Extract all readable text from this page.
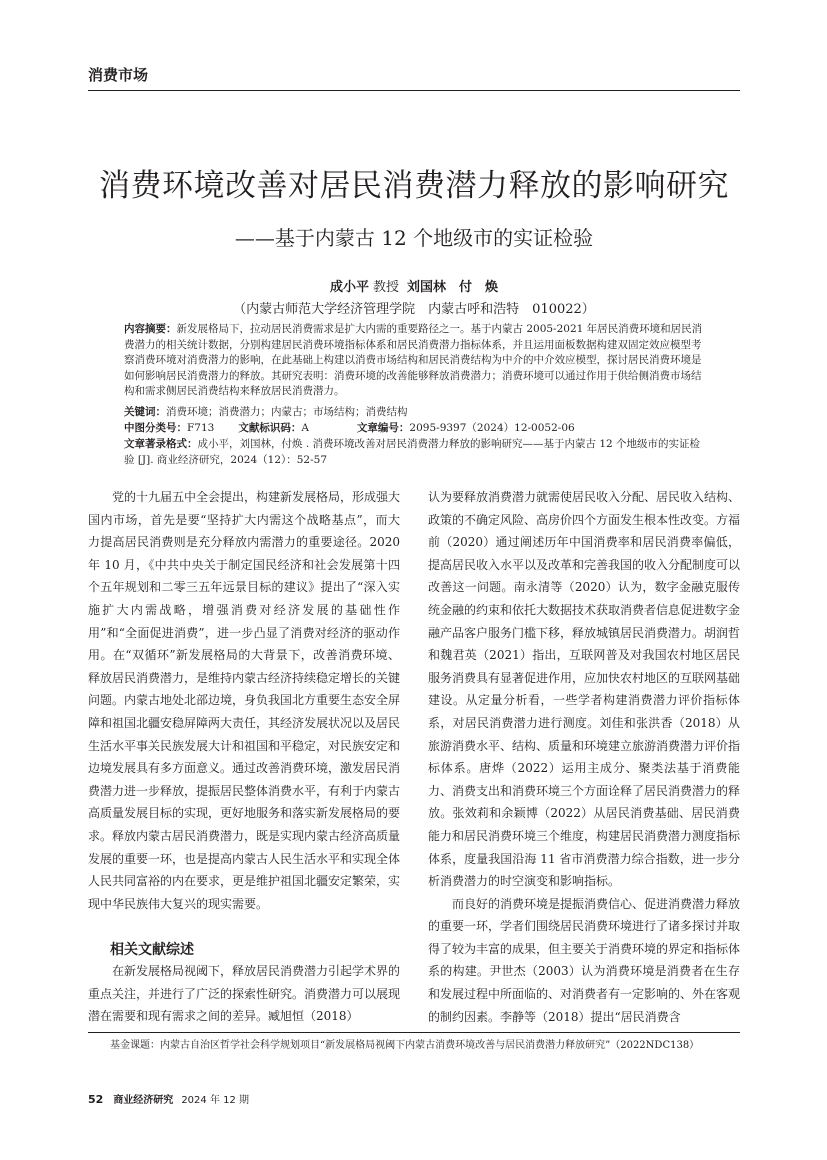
消费市场
消费环境改善对居民消费潜力释放的影响研究
——基于内蒙古 12 个地级市的实证检验
成小平 教授 刘国林　付　焕
（内蒙古师范大学经济管理学院　内蒙古呼和浩特　010022）
内容摘要：新发展格局下，拉动居民消费需求是扩大内需的重要路径之一。基于内蒙古 2005-2021 年居民消费环境和居民消费潜力的相关统计数据，分别构建居民消费环境指标体系和居民消费潜力指标体系，并且运用面板数据构建双固定效应模型考察消费环境对消费潜力的影响，在此基础上构建以消费市场结构和居民消费结构为中介的中介效应模型，探讨居民消费环境是如何影响居民消费潜力的释放。其研究表明：消费环境的改善能够释放消费潜力；消费环境可以通过作用于供给侧消费市场结构和需求侧居民消费结构来释放居民消费潜力。
关键词：消费环境；消费潜力；内蒙古；市场结构；消费结构
中图分类号：F713 文献标识码：A	文章编号：2095-9397（2024）12-0052-06
文章著录格式：成小平，刘国林，付焕 . 消费环境改善对居民消费潜力释放的影响研究——基于内蒙古 12 个地级市的实证检验 [J]. 商业经济研究，2024（12）：52-57

党的十九届五中全会提出，构建新发展格局，形成强大国内市场，首先是要“坚持扩大内需这个战略基点”，而大力提高居民消费则是充分释放内需潜力的重要途径。2020 年 10 月，《中共中央关于制定国民经济和社会发展第十四个五年规划和二零三五年远景目标的建议》提出了“深入实施扩大内需战略，增强消费对经济发展的基础性作用”和“全面促进消费”，进一步凸显了消费对经济的驱动作用。在“双循环”新发展格局的大背景下，改善消费环境、释放居民消费潜力，是维持内蒙古经济持续稳定增长的关键问题。内蒙古地处北部边境，身负我国北方重要生态安全屏障和祖国北疆安稳屏障两大责任，其经济发展状况以及居民生活水平事关民族发展大计和祖国和平稳定，对民族安定和边境发展具有多方面意义。通过改善消费环境，激发居民消费潜力进一步释放，提振居民整体消费水平，有利于内蒙古高质量发展目标的实现，更好地服务和落实新发展格局的要求。释放内蒙古居民消费潜力，既是实现内蒙古经济高质量发展的重要一环，也是提高内蒙古人民生活水平和实现全体人民共同富裕的内在要求，更是维护祖国北疆安定繁荣，实现中华民族伟大复兴的现实需要。

相关文献综述

在新发展格局视阈下，释放居民消费潜力引起学术界的重点关注，并进行了广泛的探索性研究。消费潜力可以展现潜在需要和现有需求之间的差异。臧旭恒（2018）

认为要释放消费潜力就需使居民收入分配、居民收入结构、政策的不确定风险、高房价四个方面发生根本性改变。方福前（2020）通过阐述历年中国消费率和居民消费率偏低，提高居民收入水平以及改革和完善我国的收入分配制度可以改善这一问题。南永清等（2020）认为，数字金融克服传统金融的约束和依托大数据技术获取消费者信息促进数字金融产品客户服务门槛下移，释放城镇居民消费潜力。胡润哲和魏君英（2021）指出，互联网普及对我国农村地区居民服务消费具有显著促进作用，应加快农村地区的互联网基础建设。从定量分析看，一些学者构建消费潜力评价指标体系，对居民消费潜力进行测度。刘佳和张洪香（2018）从旅游消费水平、结构、质量和环境建立旅游消费潜力评价指标体系。唐烨（2022）运用主成分、聚类法基于消费能力、消费支出和消费环境三个方面诠释了居民消费潜力的释放。张效莉和余颖博（2022）从居民消费基础、居民消费能力和居民消费环境三个维度，构建居民消费潜力测度指标体系，度量我国沿海 11 省市消费潜力综合指数，进一步分析消费潜力的时空演变和影响指标。

而良好的消费环境是提振消费信心、促进消费潜力释放的重要一环，学者们围绕居民消费环境进行了诸多探讨并取得了较为丰富的成果，但主要关于消费环境的界定和指标体系的构建。尹世杰（2003）认为消费环境是消费者在生存和发展过程中所面临的、对消费者有一定影响的、外在客观的制约因素。李静等（2018）提出“居民消费含

基金课题：内蒙古自治区哲学社会科学规划项目“新发展格局视阈下内蒙古消费环境改善与居民消费潜力释放研究”（2022NDC138）
52 商业经济研究 2024 年 12 期
